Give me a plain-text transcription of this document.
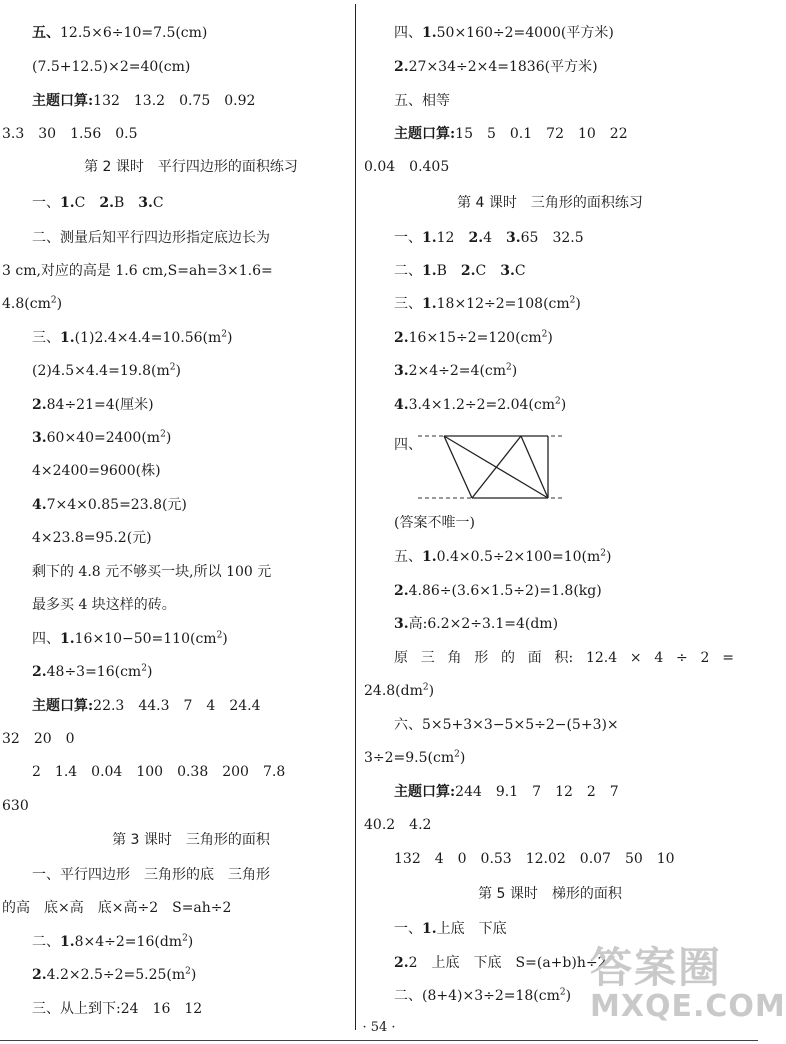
五、12.5×6÷10=7.5(cm)
(7.5+12.5)×2=40(cm)
主题口算:132　13.2　0.75　0.92
3.3　30　1.56　0.5
第 2 课时　平行四边形的面积练习
一、1.C　2.B　3.C
二、测量后知平行四边形指定底边长为
3 cm,对应的高是 1.6 cm,S=ah=3×1.6=
$4.8(cm^2)$
三、$1.(1)2.4\times 4.4=10.56(m^2)$
$(2)4.5\times 4.4=19.8(m^2)$
2.84÷21=4(厘米)
$3.60\times 40=2400(m^2)$
4×2400=9600(株)
4.7×4×0.85=23.8(元)
4×23.8=95.2(元)
剩下的 4.8 元不够买一块,所以 100 元
最多买 4 块这样的砖。
四、$1.16\times 10-50=110(cm^2)$
$2.48\div 3=16(cm^2)$
主题口算:22.3　44.3　7　4　24.4
32　20　0
2　1.4　0.04　100　0.38　200　7.8
630
第 3 课时　三角形的面积
一、平行四边形　三角形的底　三角形
的高　底×高　底×高÷2　S=ah÷2
二、$1.8\times 4\div 2=16(dm^2)$
$2.4.2\times 2.5\div 2=5.25(m^2)$
三、从上到下:24　16　12
四、1.50×160÷2=4000(平方米)
2.27×34÷2×4=1836(平方米)
五、相等
主题口算:15　5　0.1　72　10　22
0.04　0.405
第 4 课时　三角形的面积练习
一、1.12　2.4　3.65　32.5
二、1.B　2.C　3.C
三、$1.18\times 12\div 2=108(cm^2)$
$2.16\times 15\div 2=120(cm^2)$
$3.2\times 4\div 2=4(cm^2)$
$4.3.4\times 1.2\div 2=2.04(cm^2)$
四、
(答案不唯一)
五、$1.0.4\times 0.5\div 2\times 100=10(m^2)$
2.4.86÷(3.6×1.5÷2)=1.8(kg)
3.高:6.2×2÷3.1=4(dm)
原 三 角 形 的 面 积: 12.4 × 4 ÷ 2 =
$24.8(dm^2)$
六、5×5+3×3−5×5÷2−(5+3)×
$3\div 2=9.5(cm^2)$
主题口算:244　9.1　7　12　2　7
40.2　4.2
132　4　0　0.53　12.02　0.07　50　10
第 5 课时　梯形的面积
一、1.上底　下底
2.2　上底　下底　S=(a+b)h÷2
二、$(8+4)\times 3\div 2=18(cm^2)$
答案圈
MXQE.COM
· 54 ·
